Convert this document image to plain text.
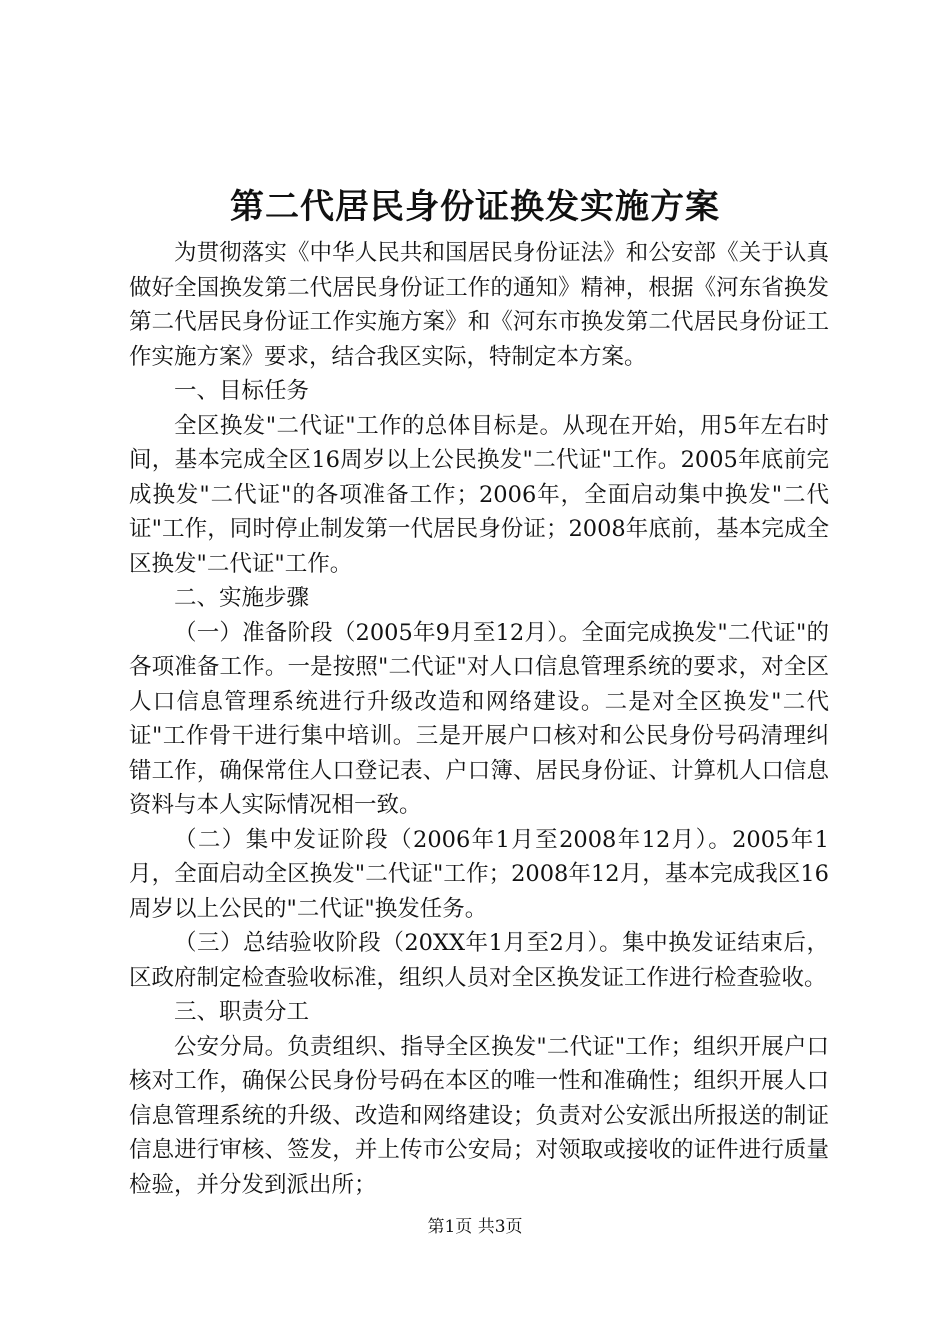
第二代居民身份证换发实施方案

为贯彻落实《中华人民共和国居民身份证法》和公安部《关于认真做好全国换发第二代居民身份证工作的通知》精神，根据《河东省换发第二代居民身份证工作实施方案》和《河东市换发第二代居民身份证工作实施方案》要求，结合我区实际，特制定本方案。

一、目标任务

全区换发"二代证"工作的总体目标是。从现在开始，用5年左右时间，基本完成全区16周岁以上公民换发"二代证"工作。2005年底前完成换发"二代证"的各项准备工作；2006年，全面启动集中换发"二代证"工作，同时停止制发第一代居民身份证；2008年底前，基本完成全区换发"二代证"工作。

二、实施步骤

（一）准备阶段（2005年9月至12月）。全面完成换发"二代证"的各项准备工作。一是按照"二代证"对人口信息管理系统的要求，对全区人口信息管理系统进行升级改造和网络建设。二是对全区换发"二代证"工作骨干进行集中培训。三是开展户口核对和公民身份号码清理纠错工作，确保常住人口登记表、户口簿、居民身份证、计算机人口信息资料与本人实际情况相一致。

（二）集中发证阶段（2006年1月至2008年12月）。2005年1月，全面启动全区换发"二代证"工作；2008年12月，基本完成我区16周岁以上公民的"二代证"换发任务。

（三）总结验收阶段（20XX年1月至2月）。集中换发证结束后，区政府制定检查验收标准，组织人员对全区换发证工作进行检查验收。

三、职责分工

公安分局。负责组织、指导全区换发"二代证"工作；组织开展户口核对工作，确保公民身份号码在本区的唯一性和准确性；组织开展人口信息管理系统的升级、改造和网络建设；负责对公安派出所报送的制证信息进行审核、签发，并上传市公安局；对领取或接收的证件进行质量检验，并分发到派出所；

第1页 共3页
